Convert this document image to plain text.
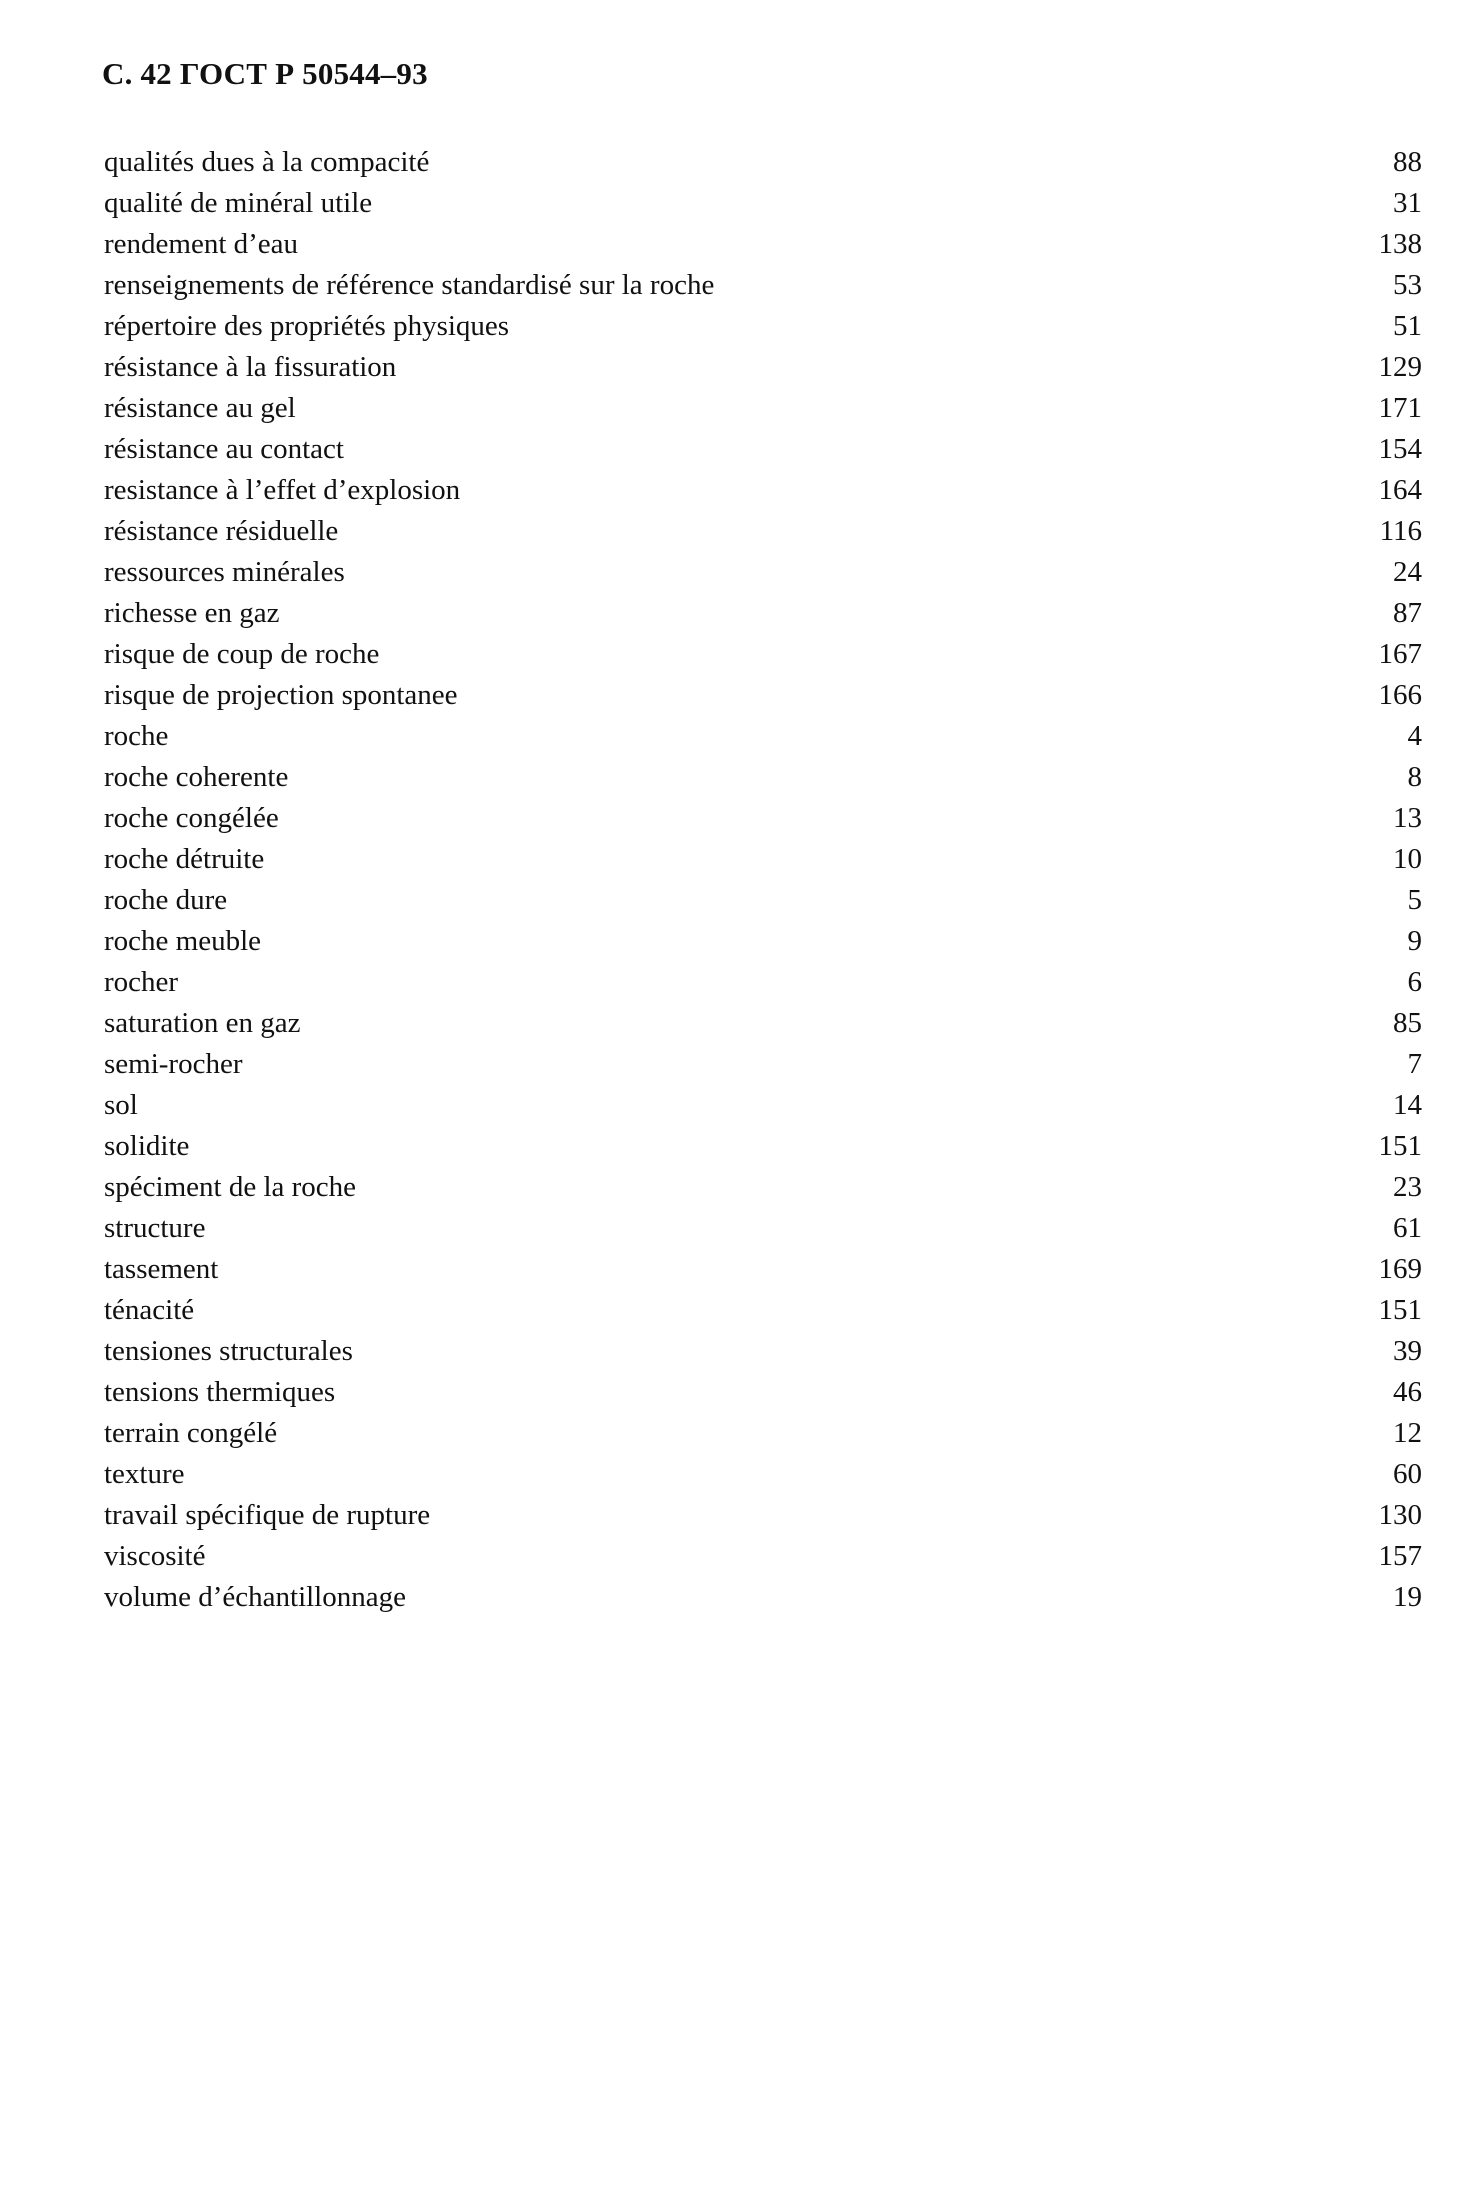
С. 42 ГОСТ Р 50544–93
qualités dues à la compacité	88
qualité de minéral utile	31
rendement d’eau	138
renseignements de référence standardisé sur la roche	53
répertoire des propriétés physiques	51
résistance à la fissuration	129
résistance au gel	171
résistance au contact	154
resistance à l’effet d’explosion	164
résistance résiduelle	116
ressources minérales	24
richesse en gaz	87
risque de coup de roche	167
risque de projection spontanee	166
roche	4
roche coherente	8
roche congélée	13
roche détruite	10
roche dure	5
roche meuble	9
rocher	6
saturation en gaz	85
semi-rocher	7
sol	14
solidite	151
spéciment de la roche	23
structure	61
tassement	169
ténacité	151
tensiones structurales	39
tensions thermiques	46
terrain congélé	12
texture	60
travail spécifique de rupture	130
viscosité	157
volume d’échantillonnage	19
